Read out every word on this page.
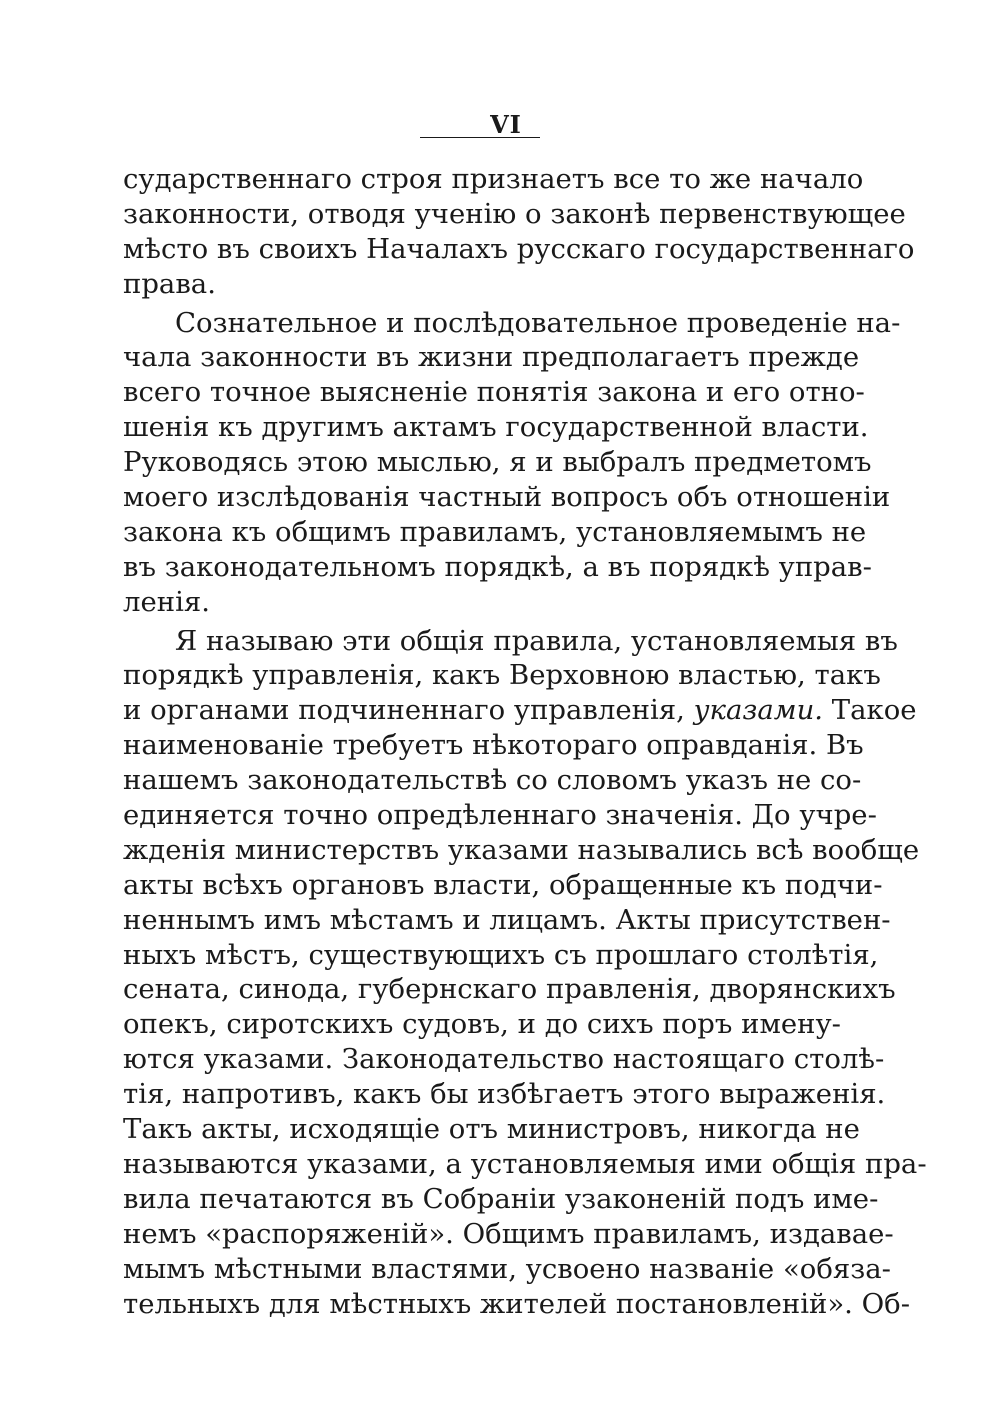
VI
сударственнаго строя признаетъ все то же начало
законности, отводя ученію о законѣ первенствующее
мѣсто въ своихъ Началахъ русскаго государственнаго
права.
Сознательное и послѣдовательное проведеніе на-
чала законности въ жизни предполагаетъ прежде
всего точное выясненіе понятія закона и его отно-
шенія къ другимъ актамъ государственной власти.
Руководясь этою мыслью, я и выбралъ предметомъ
моего изслѣдованія частный вопросъ объ отношеніи
закона къ общимъ правиламъ, установляемымъ не
въ законодательномъ порядкѣ, а въ порядкѣ управ-
ленія.
Я называю эти общія правила, установляемыя въ
порядкѣ управленія, какъ Верховною властью, такъ
и органами подчиненнаго управленія, указами. Такое
наименованіе требуетъ нѣкотораго оправданія. Въ
нашемъ законодательствѣ со словомъ указъ не со-
единяется точно опредѣленнаго значенія. До учре-
жденія министерствъ указами назывались всѣ вообще
акты всѣхъ органовъ власти, обращенные къ подчи-
неннымъ имъ мѣстамъ и лицамъ. Акты присутствен-
ныхъ мѣстъ, существующихъ съ прошлаго столѣтія,
сената, синода, губернскаго правленія, дворянскихъ
опекъ, сиротскихъ судовъ, и до сихъ поръ имену-
ются указами. Законодательство настоящаго столѣ-
тія, напротивъ, какъ бы избѣгаетъ этого выраженія.
Такъ акты, исходящіе отъ министровъ, никогда не
называются указами, а установляемыя ими общія пра-
вила печатаются въ Собраніи узаконеній подъ име-
немъ «распоряженій». Общимъ правиламъ, издавае-
мымъ мѣстными властями, усвоено названіе «обяза-
тельныхъ для мѣстныхъ жителей постановленій». Об-
